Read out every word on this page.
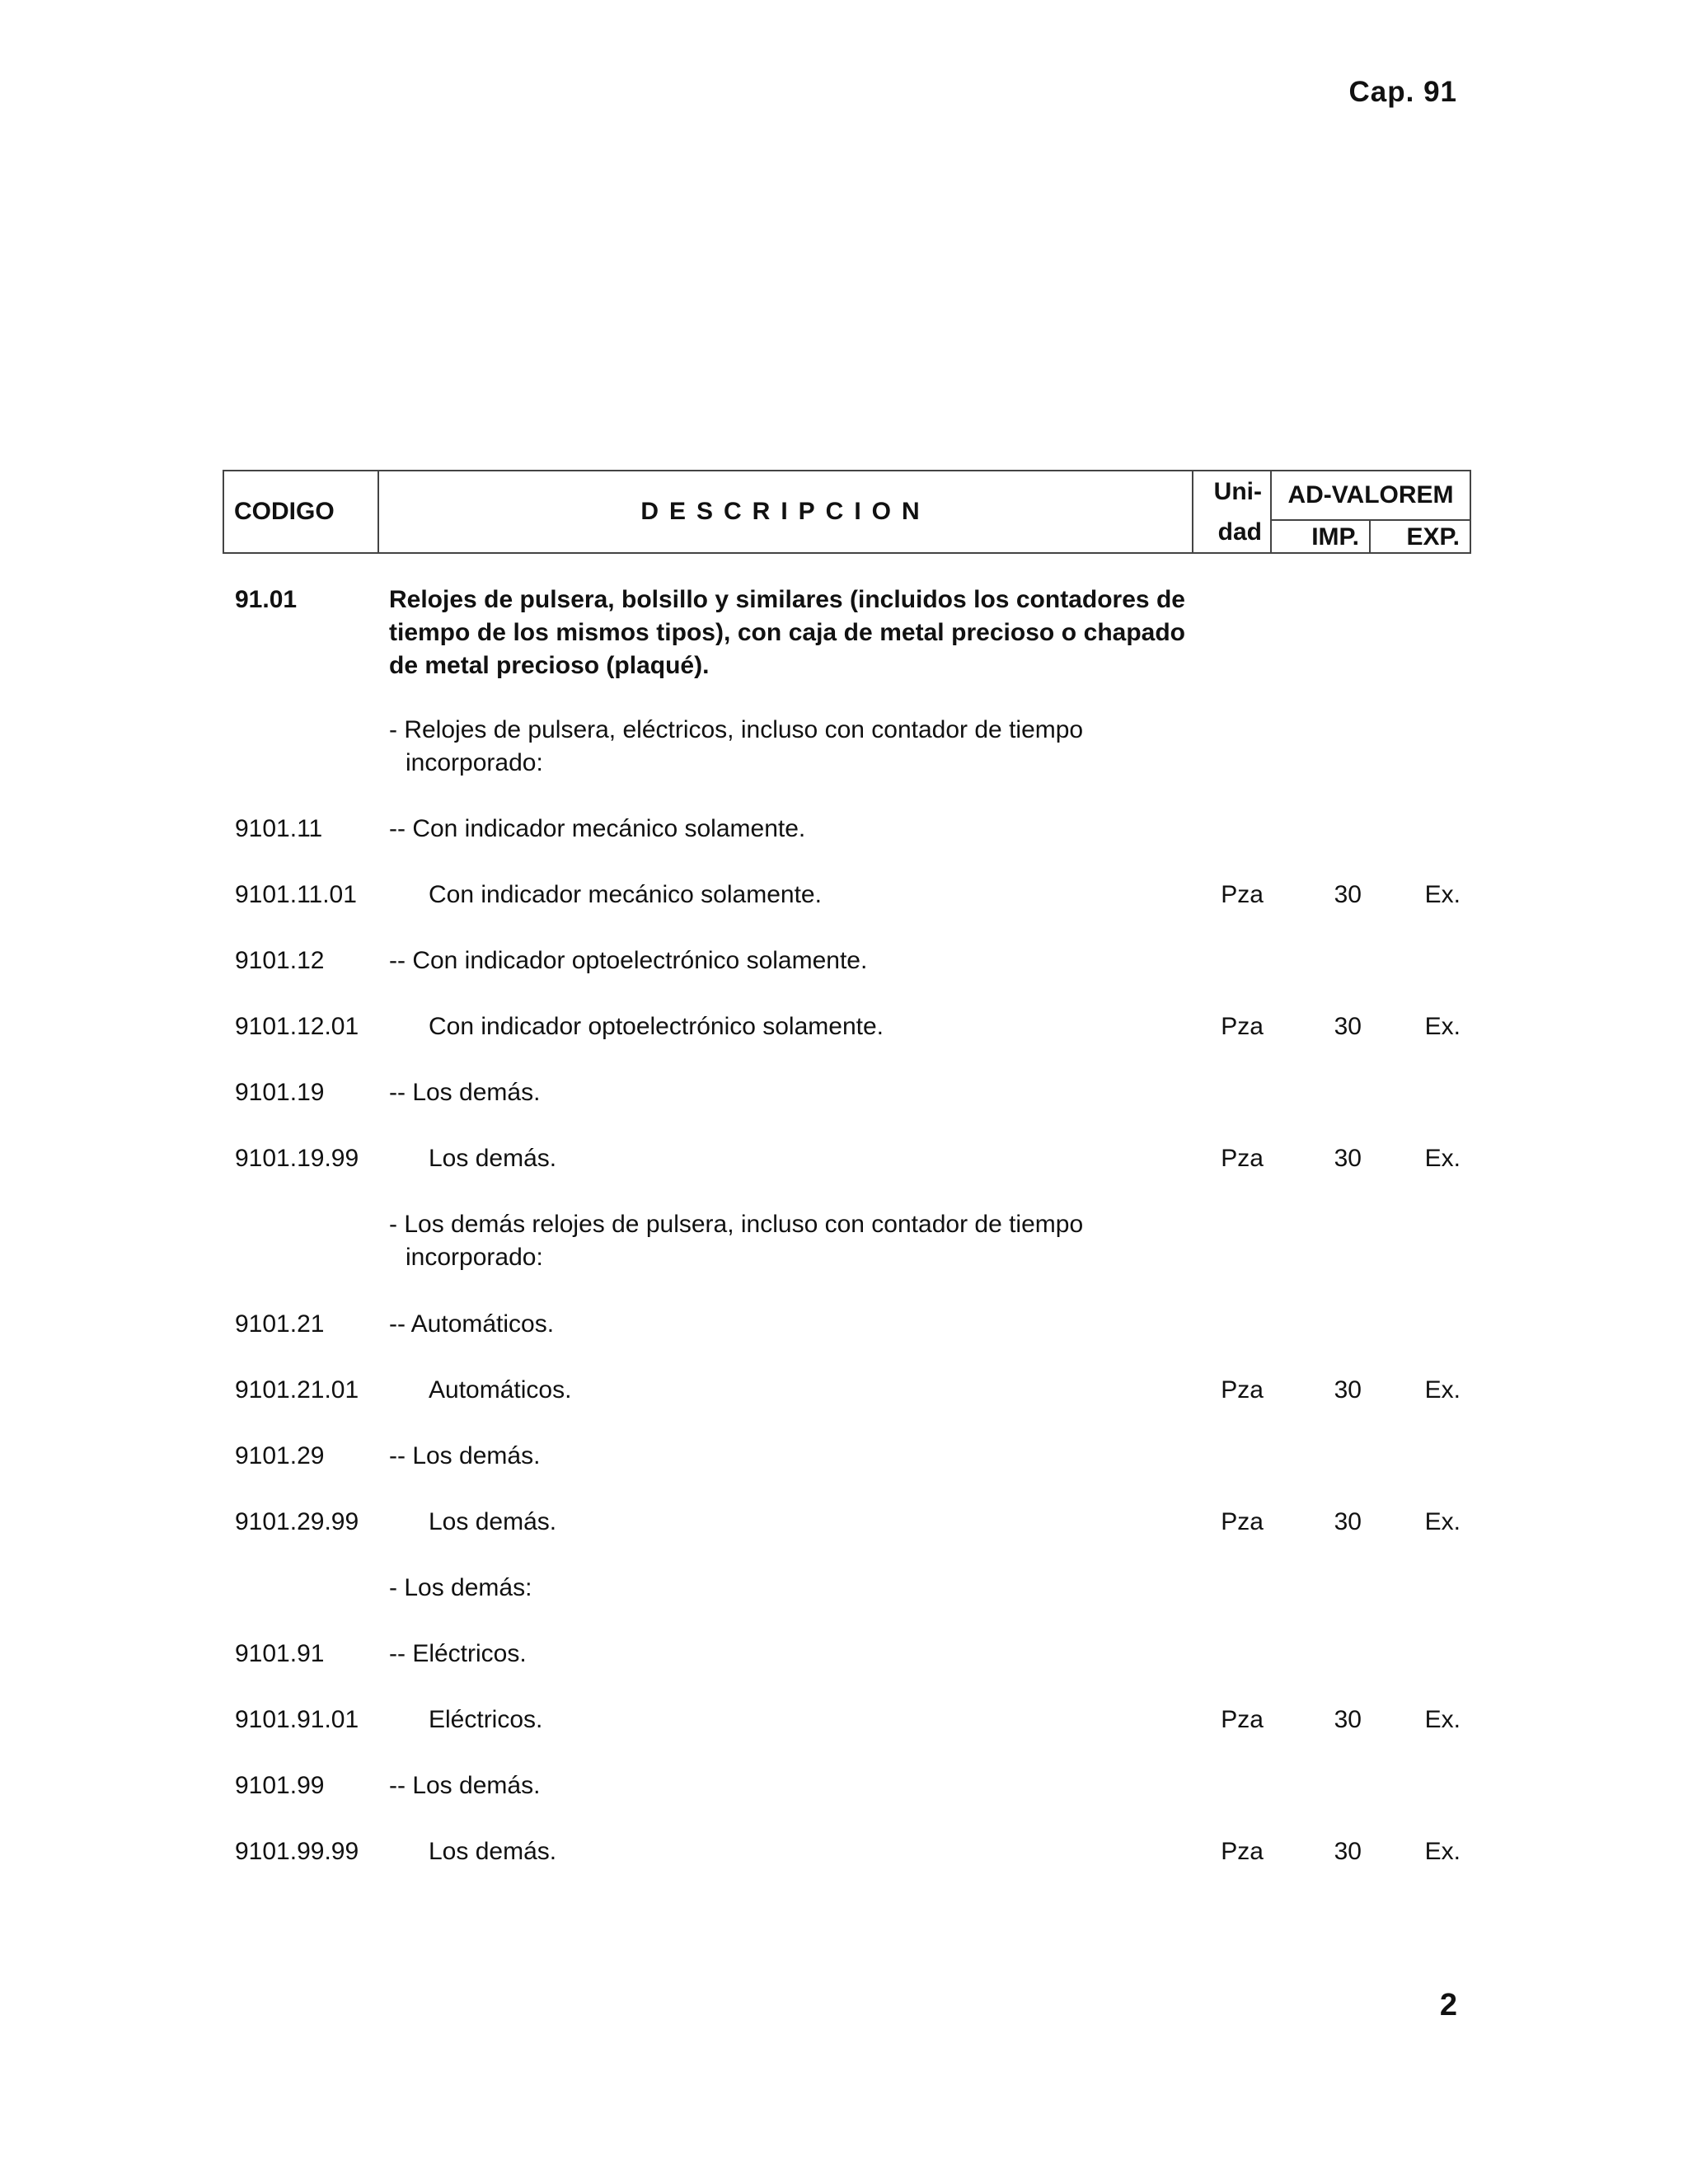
Cap. 91
CODIGO	DESCRIPCION
Uni-
dad
AD-VALOREM
IMP.	EXP.
91.01	Relojes de pulsera, bolsillo y similares (incluidos los contadores de tiempo de los mismos tipos), con caja de metal precioso o chapado de metal precioso (plaqué).
- Relojes de pulsera, eléctricos, incluso con contador de tiempo
incorporado:
9101.11	-- Con indicador mecánico solamente.
9101.11.01	Con indicador mecánico solamente.	Pza	30	Ex.
9101.12	-- Con indicador optoelectrónico solamente.
9101.12.01	Con indicador optoelectrónico solamente.	Pza	30	Ex.
9101.19	-- Los demás.
9101.19.99	Los demás.	Pza	30	Ex.
- Los demás relojes de pulsera, incluso con contador de tiempo
incorporado:
9101.21	-- Automáticos.
9101.21.01	Automáticos.	Pza	30	Ex.
9101.29	-- Los demás.
9101.29.99	Los demás.	Pza	30	Ex.
- Los demás:
9101.91	-- Eléctricos.
9101.91.01	Eléctricos.	Pza	30	Ex.
9101.99	-- Los demás.
9101.99.99	Los demás.	Pza	30	Ex.
2
